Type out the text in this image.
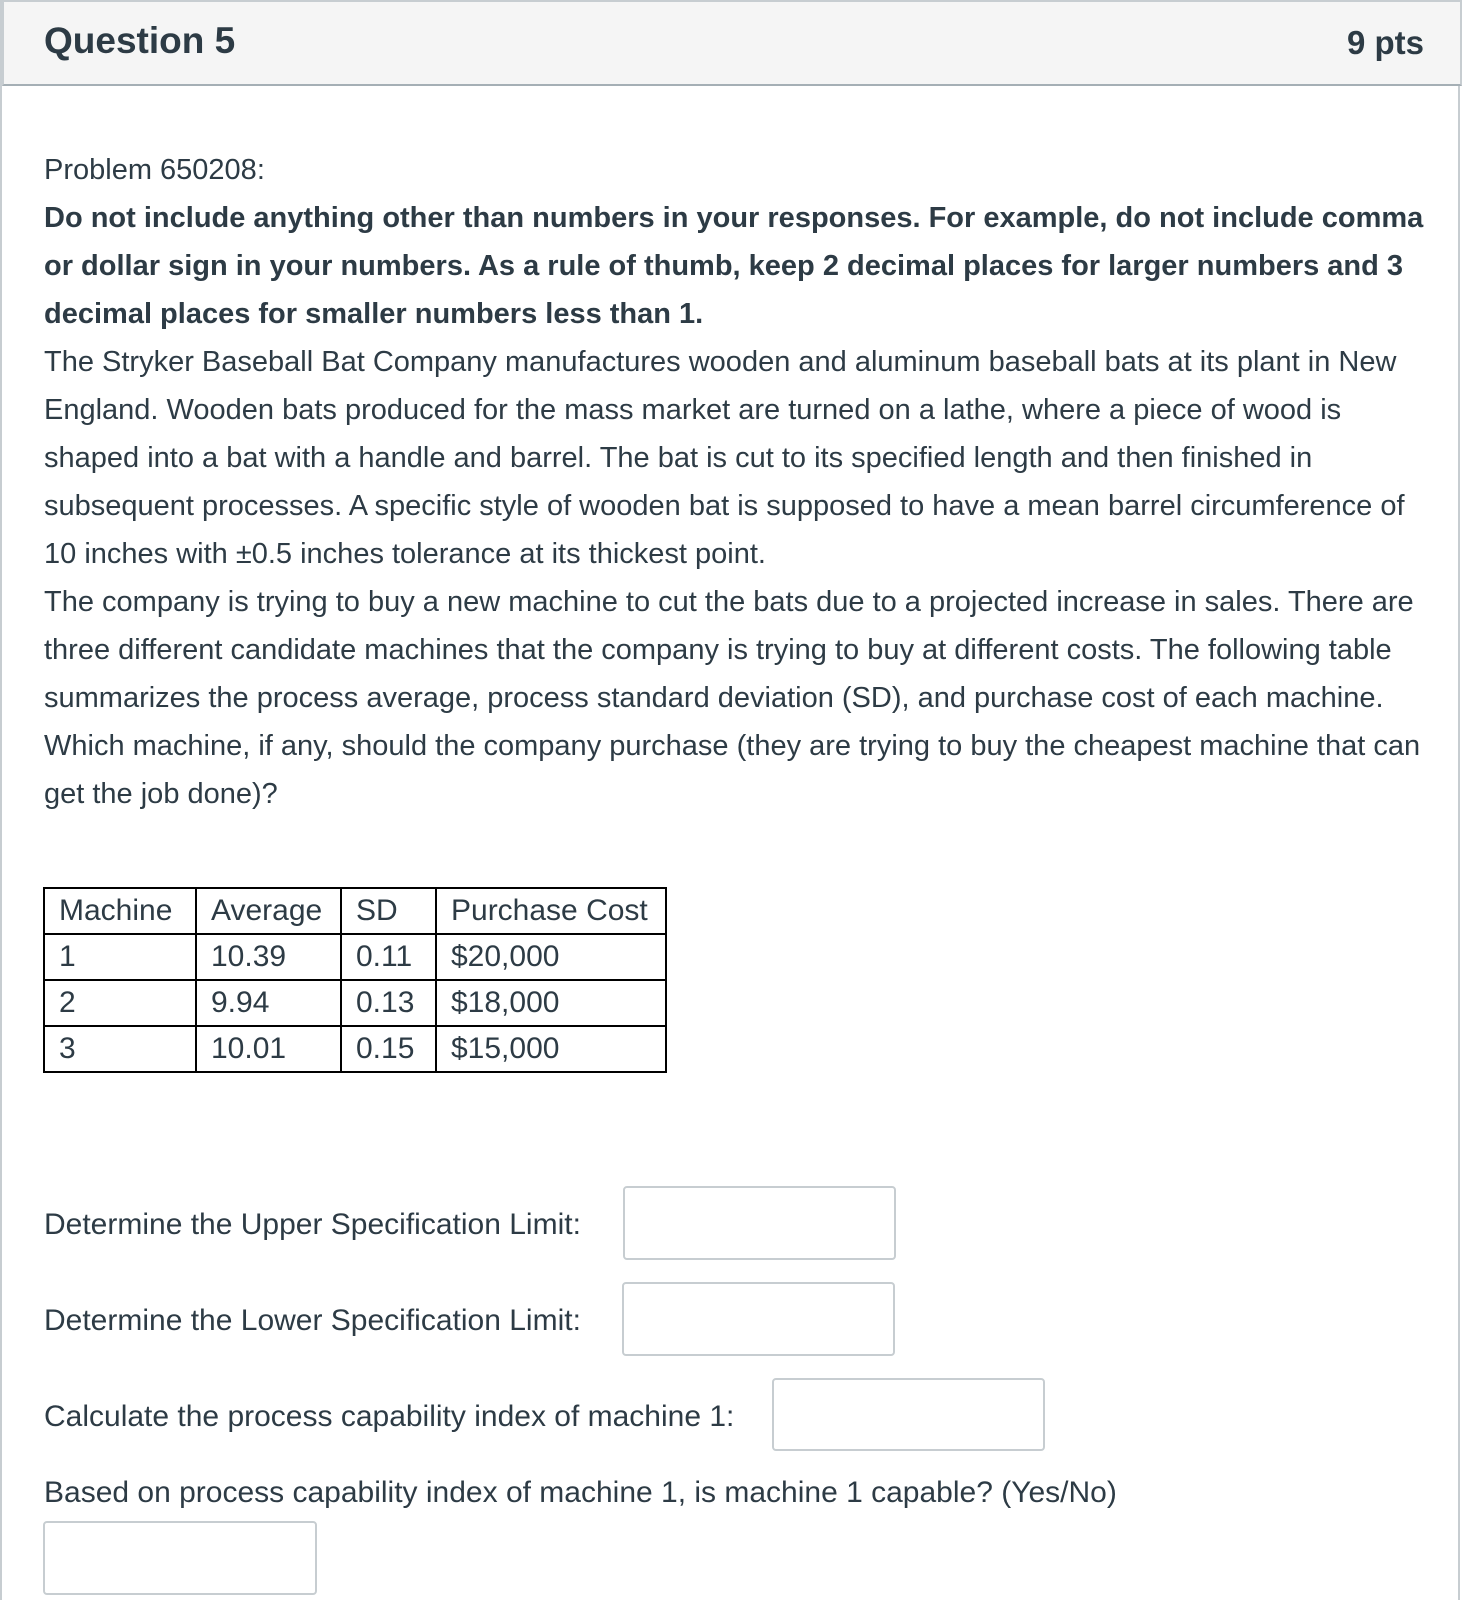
Question 5	9 pts

Problem 650208:

Do not include anything other than numbers in your responses. For example, do not include comma or dollar sign in your numbers. As a rule of thumb, keep 2 decimal places for larger numbers and 3 decimal places for smaller numbers less than 1.

The Stryker Baseball Bat Company manufactures wooden and aluminum baseball bats at its plant in New England. Wooden bats produced for the mass market are turned on a lathe, where a piece of wood is shaped into a bat with a handle and barrel. The bat is cut to its specified length and then finished in subsequent processes. A specific style of wooden bat is supposed to have a mean barrel circumference of 10 inches with ±0.5 inches tolerance at its thickest point.

The company is trying to buy a new machine to cut the bats due to a projected increase in sales. There are three different candidate machines that the company is trying to buy at different costs. The following table summarizes the process average, process standard deviation (SD), and purchase cost of each machine. Which machine, if any, should the company purchase (they are trying to buy the cheapest machine that can get the job done)?

Machine	Average	SD	Purchase Cost
1	10.39	0.11	$20,000
2	9.94	0.13	$18,000
3	10.01	0.15	$15,000
Determine the Upper Specification Limit:
Determine the Lower Specification Limit:
Calculate the process capability index of machine 1:
Based on process capability index of machine 1, is machine 1 capable? (Yes/No)
